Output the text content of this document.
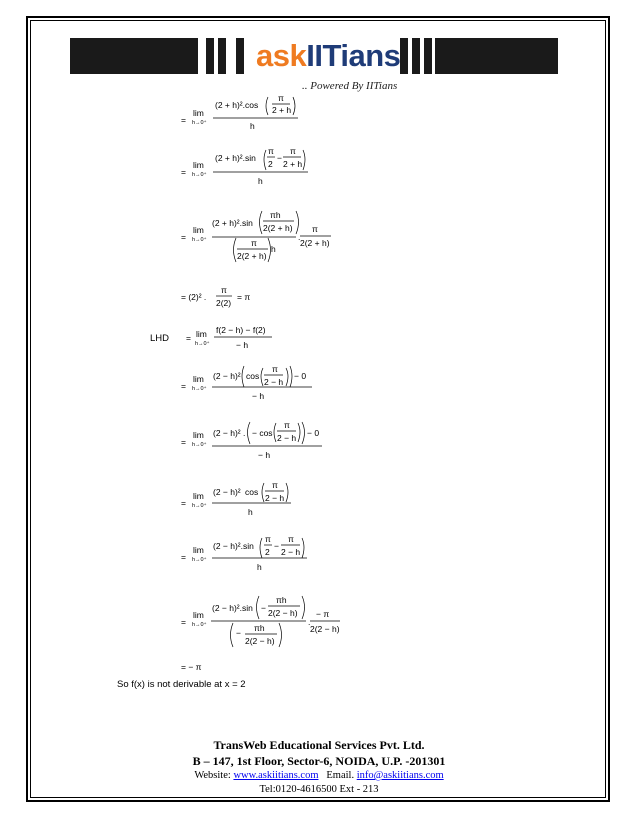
askIITians
.. Powered By IITians
=
lim
h→0⁺
(2 + h)².cos
π
2 + h
h
=
lim
h→0⁺
(2 + h)².sin
π
2
−
π
2 + h
h
=
lim
h→0⁺
(2 + h)².sin
πh
2(2 + h)
π
2(2 + h)
h
.
π
2(2 + h)
= (2)² .
π
2(2)
= π
LHD = lim
h→0⁺
f(2 − h) − f(2)
− h
=
lim
h→0⁺
(2 − h)² cos
π
2 − h
− 0
− h
=
lim
h→0⁺
(2 − h)² . − cos
π
2 − h − 0
− h
=
lim
h→0⁺
(2 − h)² cos
π
2 − h
h
=
lim
h→0⁺
(2 − h)².sin
π
2
−
π
2 − h
h
=
lim
h→0⁺
(2 − h)².sin −
πh
2(2 − h)
− πh
2(2 − h)
.
− π
2(2 − h)
= − π
So f(x) is not derivable at x = 2
TransWeb Educational Services Pvt. Ltd.
B – 147, 1st Floor, Sector-6, NOIDA, U.P. -201301
Website: www.askiitians.com Email. info@askiitians.com
Tel:0120-4616500 Ext - 213
